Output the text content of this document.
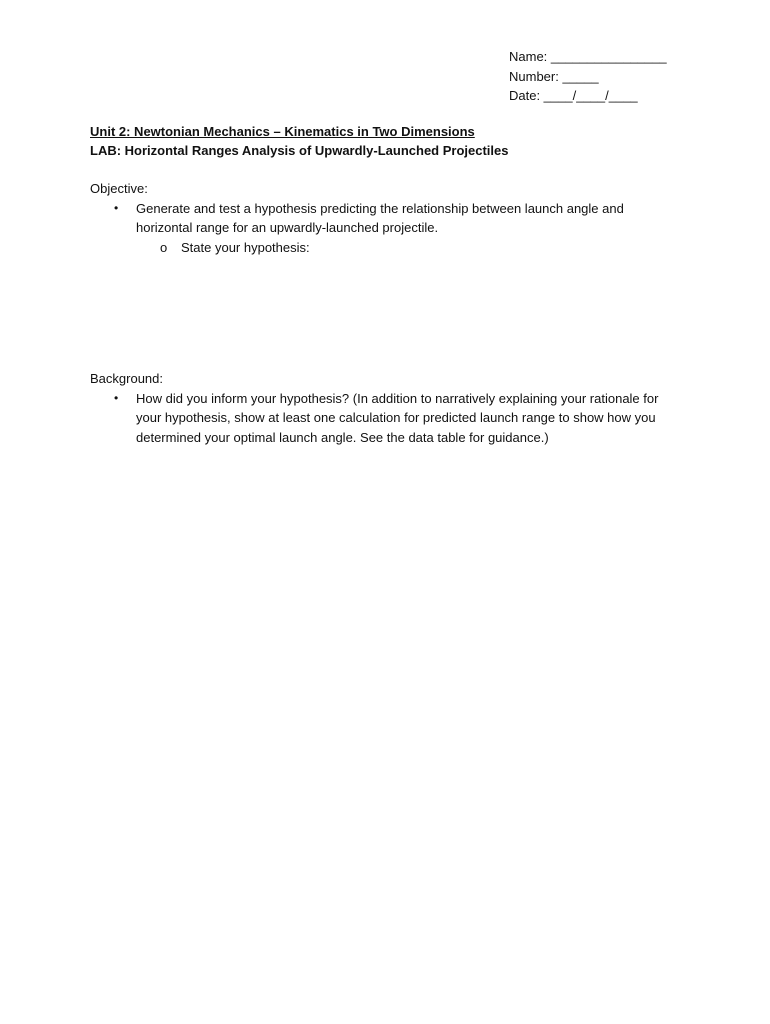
Name: ________________
Number: _____
Date: ____/____/____
Unit 2: Newtonian Mechanics – Kinematics in Two Dimensions
LAB: Horizontal Ranges Analysis of Upwardly-Launched Projectiles
Objective:
• Generate and test a hypothesis predicting the relationship between launch angle and horizontal range for an upwardly-launched projectile.
o State your hypothesis:
Background:
• How did you inform your hypothesis? (In addition to narratively explaining your rationale for your hypothesis, show at least one calculation for predicted launch range to show how you determined your optimal launch angle. See the data table for guidance.)
